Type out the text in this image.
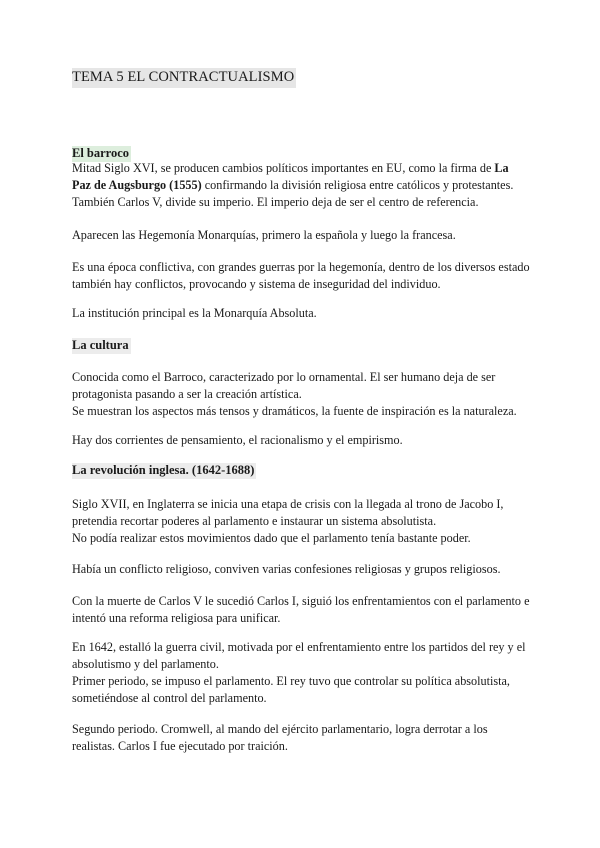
TEMA 5 EL CONTRACTUALISMO
El barroco
Mitad Siglo XVI, se producen cambios políticos importantes en EU, como la firma de La
Paz de Augsburgo (1555) confirmando la división religiosa entre católicos y protestantes.
También Carlos V, divide su imperio. El imperio deja de ser el centro de referencia.
Aparecen las Hegemonía Monarquías, primero la española y luego la francesa.
Es una época conflictiva, con grandes guerras por la hegemonía, dentro de los diversos estado
también hay conflictos, provocando y sistema de inseguridad del individuo.
La institución principal es la Monarquía Absoluta.
La cultura
Conocida como el Barroco, caracterizado por lo ornamental. El ser humano deja de ser
protagonista pasando a ser la creación artística.
Se muestran los aspectos más tensos y dramáticos, la fuente de inspiración es la naturaleza.
Hay dos corrientes de pensamiento, el racionalismo y el empirismo.
La revolución inglesa. (1642-1688)
Siglo XVII, en Inglaterra se inicia una etapa de crisis con la llegada al trono de Jacobo I,
pretendia recortar poderes al parlamento e instaurar un sistema absolutista.
No podía realizar estos movimientos dado que el parlamento tenía bastante poder.
Había un conflicto religioso, conviven varias confesiones religiosas y grupos religiosos.
Con la muerte de Carlos V le sucedió Carlos I, siguió los enfrentamientos con el parlamento e
intentó una reforma religiosa para unificar.
En 1642, estalló la guerra civil, motivada por el enfrentamiento entre los partidos del rey y el
absolutismo y del parlamento.
Primer periodo, se impuso el parlamento. El rey tuvo que controlar su política absolutista,
sometiéndose al control del parlamento.
Segundo periodo. Cromwell, al mando del ejército parlamentario, logra derrotar a los
realistas. Carlos I fue ejecutado por traición.
